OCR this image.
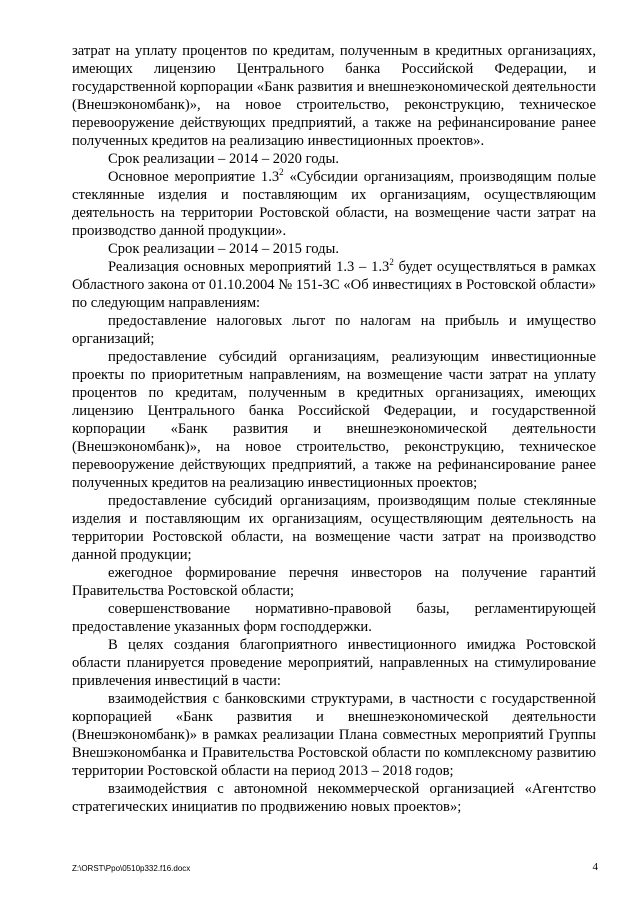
затрат на уплату процентов по кредитам, полученным в кредитных организациях, имеющих лицензию Центрального банка Российской Федерации, и государственной корпорации «Банк развития и внешнеэкономической деятельности (Внешэкономбанк)», на новое строительство, реконструкцию, техническое перевооружение действующих предприятий, а также на рефинансирование ранее полученных кредитов на реализацию инвестиционных проектов».

Срок реализации – 2014 – 2020 годы.

Основное мероприятие $1.3^2$ «Субсидии организациям, производящим полые стеклянные изделия и поставляющим их организациям, осуществляющим деятельность на территории Ростовской области, на возмещение части затрат на производство данной продукции».

Срок реализации – 2014 – 2015 годы.

Реализация основных мероприятий $1.3 - 1.3^2$ будет осуществляться в рамках Областного закона от 01.10.2004 № 151-ЗС «Об инвестициях в Ростовской области» по следующим направлениям:

предоставление налоговых льгот по налогам на прибыль и имущество организаций;

предоставление субсидий организациям, реализующим инвестиционные проекты по приоритетным направлениям, на возмещение части затрат на уплату процентов по кредитам, полученным в кредитных организациях, имеющих лицензию Центрального банка Российской Федерации, и государственной корпорации «Банк развития и внешнеэкономической деятельности (Внешэкономбанк)», на новое строительство, реконструкцию, техническое перевооружение действующих предприятий, а также на рефинансирование ранее полученных кредитов на реализацию инвестиционных проектов;

предоставление субсидий организациям, производящим полые стеклянные изделия и поставляющим их организациям, осуществляющим деятельность на территории Ростовской области, на возмещение части затрат на производство данной продукции;

ежегодное формирование перечня инвесторов на получение гарантий Правительства Ростовской области;

совершенствование нормативно-правовой базы, регламентирующей предоставление указанных форм господдержки.

В целях создания благоприятного инвестиционного имиджа Ростовской области планируется проведение мероприятий, направленных на стимулирование привлечения инвестиций в части:

взаимодействия с банковскими структурами, в частности с государственной корпорацией «Банк развития и внешнеэкономической деятельности (Внешэкономбанк)» в рамках реализации Плана совместных мероприятий Группы Внешэкономбанка и Правительства Ростовской области по комплексному развитию территории Ростовской области на период 2013 – 2018 годов;

взаимодействия с автономной некоммерческой организацией «Агентство стратегических инициатив по продвижению новых проектов»;

Z:\ORST\Ppo\0510p332.f16.docx	4
